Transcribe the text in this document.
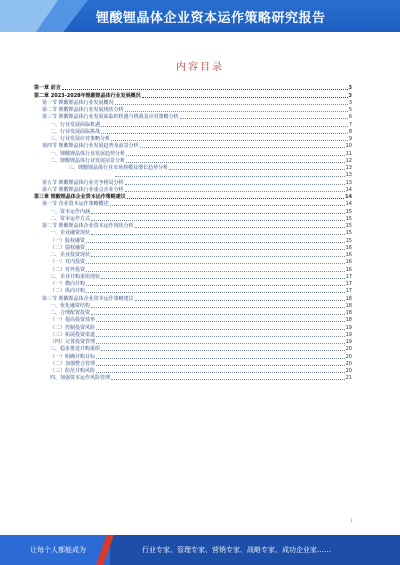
锂酸锂晶体企业资本运作策略研究报告
内容目录
第一章 前言	3
第二章 2023-2028年锂酸锂晶体行业发展概况	3
第一节 锂酸锂晶体行业发展概况	3
第二节 锂酸锂晶体行业发展现状分析	5
第三节 锂酸锂晶体行业发展面临的机遇与挑战及应对策略分析	6
一、行业发展面临机遇	7
二、行业发展面临挑战	8
三、行业发展应对策略分析	9
第四节 锂酸锂晶体行业发展趋势及前景分析	10
一、锂酸锂晶体行业发展趋势分析	11
二、锂酸锂晶体行业发展前景分析	12
三、锂酸锂晶体行业市场规模及增长趋势分析	13
13
第五节 锂酸锂晶体行业竞争格局分析	13
第六节 锂酸锂晶体行业重点企业分析	14
第三章 锂酸锂晶体企业资本运作策略建议	14
第一节 企业资本运作策略概述	14
一、资本运作内涵	15
二、资本运作方式	15
第二节 锂酸锂晶体企业资本运作现状分析	15
一、企业融资现状	15
（一）股权融资	15
（二）债权融资	16
二、企业投资现状	16
（一）对内投资	16
（二）对外投资	16
三、企业并购重组现状	17
（一）横向并购	17
（二）纵向并购	17
第三节 锂酸锂晶体企业资本运作策略建议	18
一、优化融资结构	18
二、合理配置投资	18
（一）提高投资效率	18
（二）控制投资风险	19
（三）拓展投资渠道	19
（四）完善投资管理	19
三、稳步推进并购重组	20
（一）明确并购目标	20
（二）加强整合管理	20
（三）防范并购风险	20
四、加强资本运作风险管理	21
1
让每个人都能成为	行业专家、管理专家、营销专家、战略专家、成功企业家……
